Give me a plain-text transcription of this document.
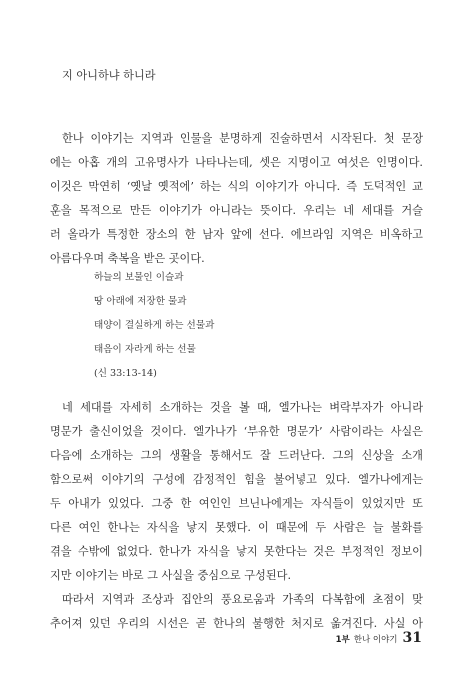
지 아니하냐 하니라
한나 이야기는 지역과 인물을 분명하게 진술하면서 시작된다. 첫 문장
에는 아홉 개의 고유명사가 나타나는데, 셋은 지명이고 여섯은 인명이다.
이것은 막연히 ‘옛날 옛적에’ 하는 식의 이야기가 아니다. 즉 도덕적인 교
훈을 목적으로 만든 이야기가 아니라는 뜻이다. 우리는 네 세대를 거슬
러 올라가 특정한 장소의 한 남자 앞에 선다. 에브라임 지역은 비옥하고
아름다우며 축복을 받은 곳이다.
하늘의 보물인 이슬과
땅 아래에 저장한 물과
태양이 결실하게 하는 선물과
태음이 자라게 하는 선물
(신 33:13-14)
네 세대를 자세히 소개하는 것을 볼 때, 엘가나는 벼락부자가 아니라
명문가 출신이었을 것이다. 엘가나가 ‘부유한 명문가’ 사람이라는 사실은
다음에 소개하는 그의 생활을 통해서도 잘 드러난다. 그의 신상을 소개
함으로써 이야기의 구성에 감정적인 힘을 불어넣고 있다. 엘가나에게는
두 아내가 있었다. 그중 한 여인인 브닌나에게는 자식들이 있었지만 또
다른 여인 한나는 자식을 낳지 못했다. 이 때문에 두 사람은 늘 불화를
겪을 수밖에 없었다. 한나가 자식을 낳지 못한다는 것은 부정적인 정보이
지만 이야기는 바로 그 사실을 중심으로 구성된다.
따라서 지역과 조상과 집안의 풍요로움과 가족의 다복함에 초점이 맞
추어져 있던 우리의 시선은 곧 한나의 불행한 처지로 옮겨진다. 사실 아
1부 한나 이야기 31
